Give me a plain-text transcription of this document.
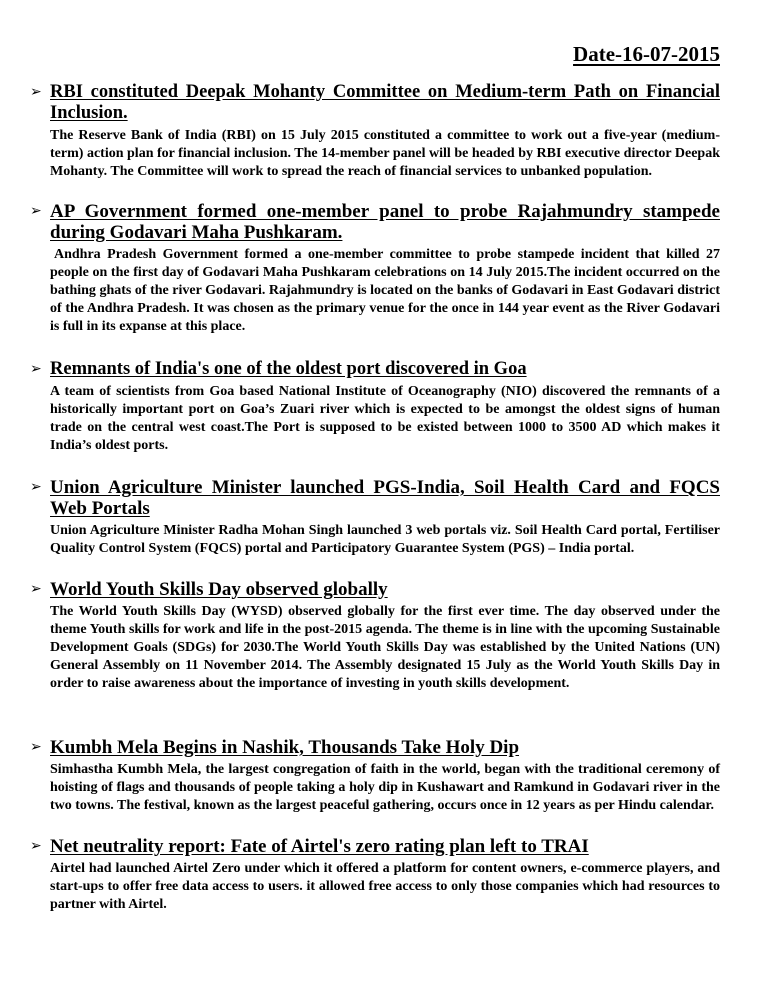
Date-16-07-2015
➢ RBI constituted Deepak Mohanty Committee on Medium-term Path on Financial Inclusion.
The Reserve Bank of India (RBI) on 15 July 2015 constituted a committee to work out a five-year (medium-term) action plan for financial inclusion. The 14-member panel will be headed by RBI executive director Deepak Mohanty. The Committee will work to spread the reach of financial services to unbanked population.
➢ AP Government formed one-member panel to probe Rajahmundry stampede during Godavari Maha Pushkaram.
Andhra Pradesh Government formed a one-member committee to probe stampede incident that killed 27 people on the first day of Godavari Maha Pushkaram celebrations on 14 July 2015.The incident occurred on the bathing ghats of the river Godavari. Rajahmundry is located on the banks of Godavari in East Godavari district of the Andhra Pradesh. It was chosen as the primary venue for the once in 144 year event as the River Godavari is full in its expanse at this place.
➢ Remnants of India's one of the oldest port discovered in Goa
A team of scientists from Goa based National Institute of Oceanography (NIO) discovered the remnants of a historically important port on Goa’s Zuari river which is expected to be amongst the oldest signs of human trade on the central west coast.The Port is supposed to be existed between 1000 to 3500 AD which makes it India’s oldest ports.
➢ Union Agriculture Minister launched PGS-India, Soil Health Card and FQCS Web Portals
Union Agriculture Minister Radha Mohan Singh launched 3 web portals viz. Soil Health Card portal, Fertiliser Quality Control System (FQCS) portal and Participatory Guarantee System (PGS) – India portal.
➢ World Youth Skills Day observed globally
The World Youth Skills Day (WYSD) observed globally for the first ever time. The day observed under the theme Youth skills for work and life in the post-2015 agenda. The theme is in line with the upcoming Sustainable Development Goals (SDGs) for 2030.The World Youth Skills Day was established by the United Nations (UN) General Assembly on 11 November 2014. The Assembly designated 15 July as the World Youth Skills Day in order to raise awareness about the importance of investing in youth skills development.
➢ Kumbh Mela Begins in Nashik, Thousands Take Holy Dip
Simhastha Kumbh Mela, the largest congregation of faith in the world, began with the traditional ceremony of hoisting of flags and thousands of people taking a holy dip in Kushawart and Ramkund in Godavari river in the two towns. The festival, known as the largest peaceful gathering, occurs once in 12 years as per Hindu calendar.
➢ Net neutrality report: Fate of Airtel's zero rating plan left to TRAI
Airtel had launched Airtel Zero under which it offered a platform for content owners, e-commerce players, and start-ups to offer free data access to users. it allowed free access to only those companies which had resources to partner with Airtel.
